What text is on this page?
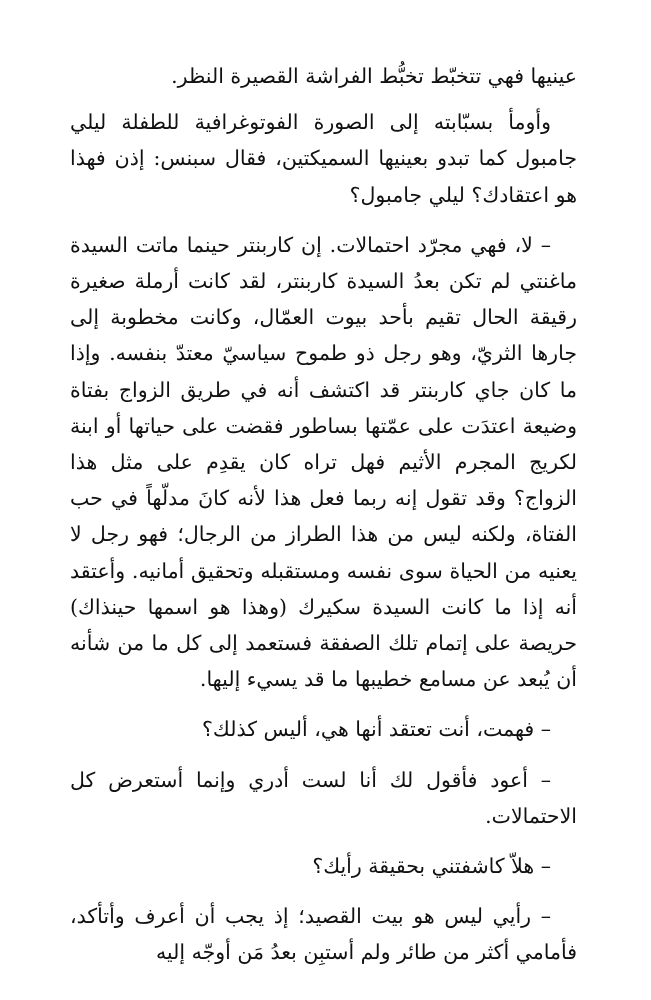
عينيها فهي تتخبّط تخبُّط الفراشة القصيرة النظر.

وأومأ بسبّابته إلى الصورة الفوتوغرافية للطفلة ليلي جامبول كما تبدو بعينيها السميكتين، فقال سبنس: إذن فهذا هو اعتقادك؟ ليلي جامبول؟

– لا، فهي مجرّد احتمالات. إن كاربنتر حينما ماتت السيدة ماغنتي لم تكن بعدُ السيدة كاربنتر، لقد كانت أرملة صغيرة رقيقة الحال تقيم بأحد بيوت العمّال، وكانت مخطوبة إلى جارها الثريّ، وهو رجل ذو طموح سياسيّ معتدّ بنفسه. وإذا ما كان جاي كاربنتر قد اكتشف أنه في طريق الزواج بفتاة وضيعة اعتدَت على عمّتها بساطور فقضت على حياتها أو ابنة لكريج المجرم الأثيم فهل تراه كان يقدِم على مثل هذا الزواج؟ وقد تقول إنه ربما فعل هذا لأنه كانَ مدلّهاً في حب الفتاة، ولكنه ليس من هذا الطراز من الرجال؛ فهو رجل لا يعنيه من الحياة سوى نفسه ومستقبله وتحقيق أمانيه. وأعتقد أنه إذا ما كانت السيدة سكيرك (وهذا هو اسمها حينذاك) حريصة على إتمام تلك الصفقة فستعمد إلى كل ما من شأنه أن يُبعد عن مسامع خطيبها ما قد يسيء إليها.

– فهمت، أنت تعتقد أنها هي، أليس كذلك؟

– أعود فأقول لك أنا لست أدري وإنما أستعرض كل الاحتمالات.

– هلاّ كاشفتني بحقيقة رأيك؟

– رأيي ليس هو بيت القصيد؛ إذ يجب أن أعرف وأتأكد، فأمامي أكثر من طائر ولم أستبِن بعدُ مَن أوجّه إليه
